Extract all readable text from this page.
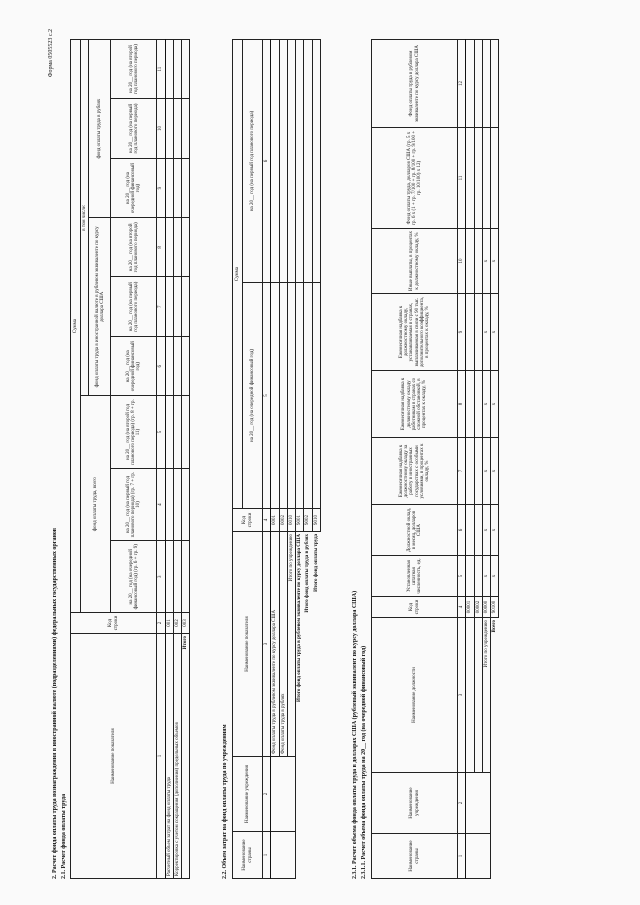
Форма 0505523 с.2
2. Расчет фонда оплаты труда вознаграждения в иностранной валюте (подразделениями) федеральных государственных органов 2.1. Расчет фонда оплаты труда
Наименование показателя	Код строки	Сумма								
		фонд оплаты труда, всего			в том числе:					
					фонд оплаты труда в иностранной валюте в рублевом эквиваленте по курсу доллара США			фонд оплаты труда в рублях		
		на 20__ год (на очередной финансовый год) (гр. 6 + гр. 9)	на 20__ год (на первый год планового периода) (гр. 7 + гр. 10)	на 20__ год (на второй год планового периода) (гр. 8 + гр. 11)	на 20__ год (на очередной финансовый год)	на 20__ год (на первый год планового периода)	на 20__ год (на второй год планового периода)	на 20__ год (на очередной финансовый год)	на 20__ год (на первый год планового периода)	на 20__ год (на второй год планового периода)
1	2	3	4	5	6	7	8	9	10	11
Расчетный объем затрат на фонд оплаты труда	001									
Корректировка с учетом сокращения (дополнения) предельных объемов	002									
Итого	003									
2.2. Объем затрат на фонд оплаты труда по учреждениям	Наименование страны	Наименование учреждения	Наименование показателя	Код строки	Сумма	
				на 20__ год (на очередной финансовый год)	на 20__ год (на первый год планового периода)
1	2	3	4	5	6
		Фонд оплаты труда в рублевом эквиваленте по курсу доллара США	0001		
		Фонд оплаты труда в рублях	0002		
		Итого по учреждению	0010		
Итого фонд оплаты труда в рублевом эквиваленте по курсу доллара США			9001		
Итого фонд оплаты труда в рублях			9002		
Итого фонд оплаты труда			9010		
2.3.1. Расчет объема фонда оплаты труда в долларах США (рублевый эквивалент по курсу доллара США) 2.3.1.1. Расчет объема фонда оплаты труда на 20__ год (на очередной финансовый год)	Наименование страны	Наименование учреждения	Наименование должности	Код строки	Установленная штатная численность, ед.	Должностной оклад, в месяц, долларов США	Ежемесячная надбавка к должностному окладу за работу в иностранных государствах с особыми условиями, в процентах к окладу, %	Ежемесячная надбавка к должностному окладу работникам в странах со сложной обстановкой, в процентах к окладу, %	Ежемесячная надбавка к должностному окладу, устанавливаемая в странах, выплачиваемая в связи с 90 тыс. дополнительного коэффициента, в процентах к окладу, %	Иные выплаты, в процентах к должностному окладу, %	Фонд оплаты труда, долларов США (гр. 5 х гр. 6 х (1 + гр. 7/100 + гр. 8/100 + гр. 9/100 + гр. 10/100) х 12)	Фонд оплаты труда в рублевом эквиваленте по курсу доллара США
1	2	3	4	5	6	7	8	9	10	11	12
			00001								
			00002								
		Итого по учреждению	00000	х	х	х	х	х	х		
Всего			90100	х	х	х	х	х	х		
